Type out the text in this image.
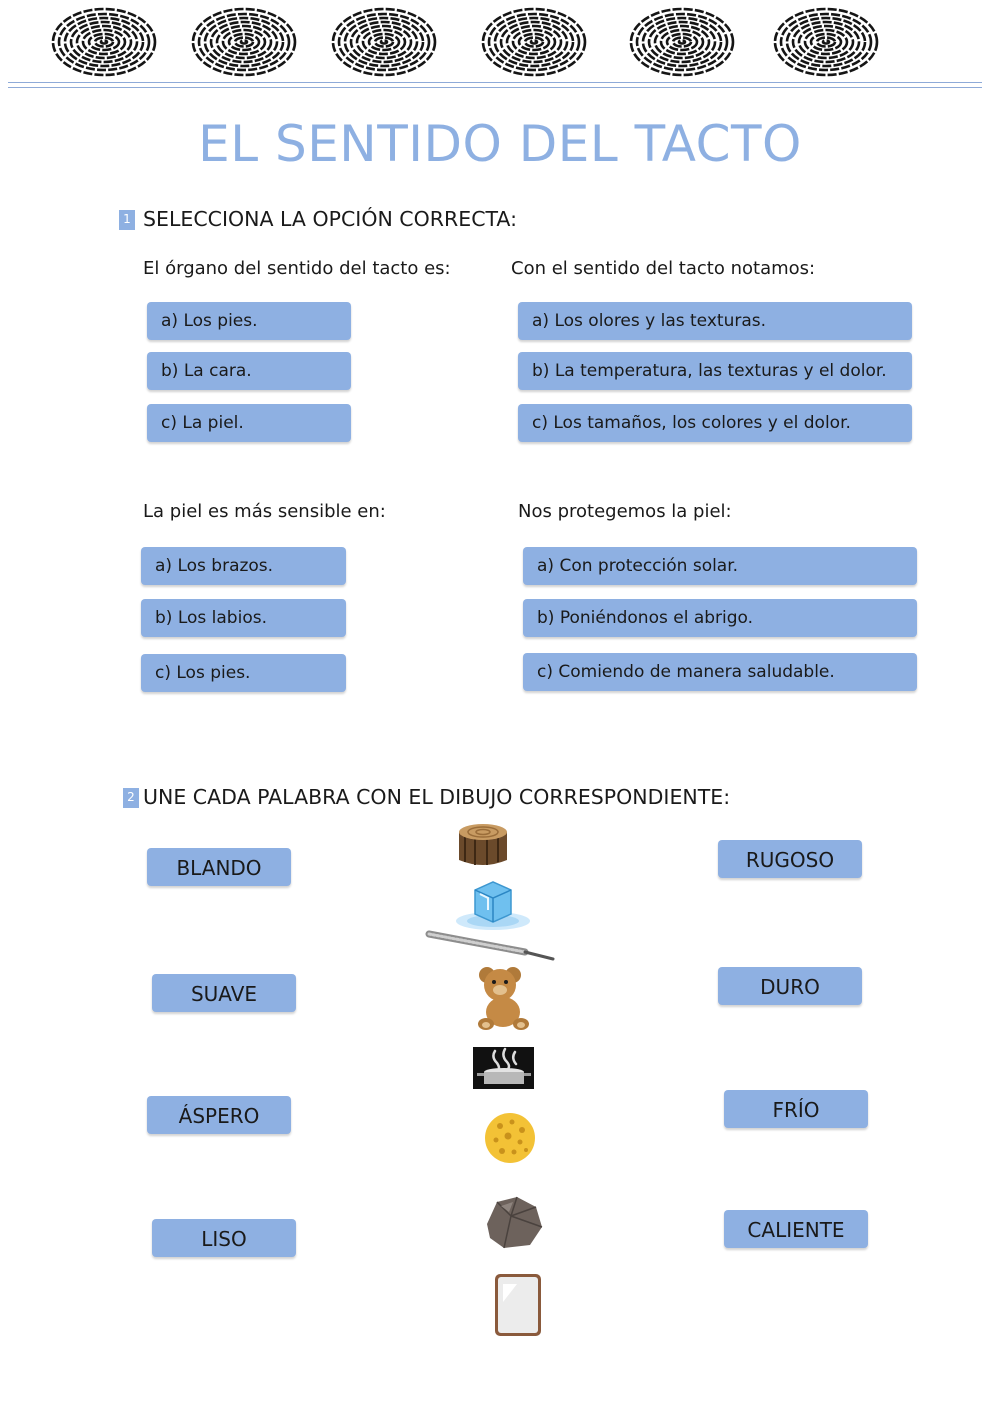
EL SENTIDO DEL TACTO
1 SELECCIONA LA OPCIÓN CORRECTA:
El órgano del sentido del tacto es:
a) Los pies.
b) La cara.
c) La piel.
Con el sentido del tacto notamos:
a) Los olores y las texturas.
b) La temperatura, las texturas y el dolor.
c) Los tamaños, los colores y el dolor.
La piel es más sensible en:
a) Los brazos.
b) Los labios.
c) Los pies.
Nos protegemos la piel:
a) Con protección solar.
b) Poniéndonos el abrigo.
c) Comiendo de manera saludable.
2 UNE CADA PALABRA CON EL DIBUJO CORRESPONDIENTE:
BLANDO
SUAVE
ÁSPERO
LISO
RUGOSO
DURO
FRÍO
CALIENTE
